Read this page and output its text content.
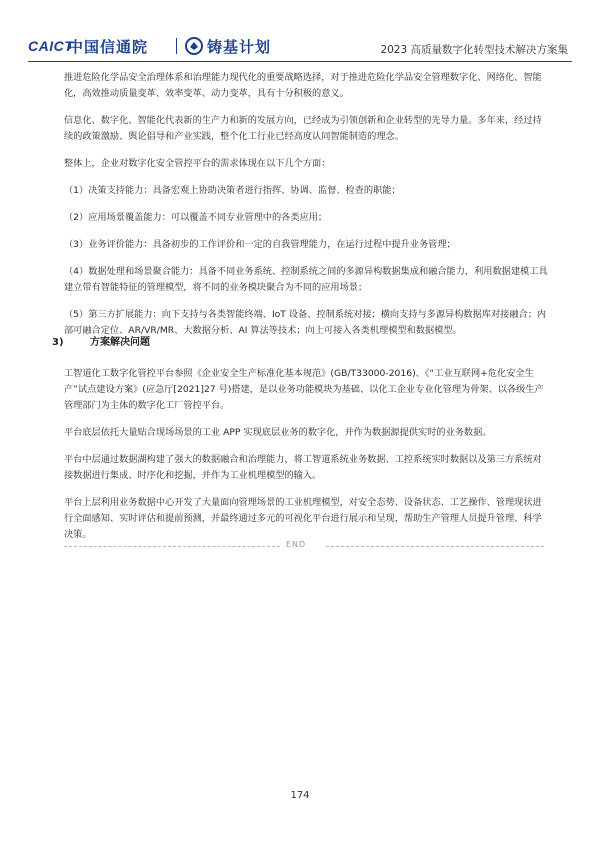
CAICT
中国信通院	铸基计划	2023 高质量数字化转型技术解决方案集

推进危险化学品安全治理体系和治理能力现代化的重要战略选择，对于推进危险化学品安全管理数字化、网络化、智能化，高效推动质量变革、效率变革、动力变革，具有十分积极的意义。

信息化、数字化、智能化代表新的生产力和新的发展方向，已经成为引领创新和企业转型的先导力量。多年来，经过持续的政策激励、舆论倡导和产业实践，整个化工行业已经高度认同智能制造的理念。

整体上，企业对数字化安全管控平台的需求体现在以下几个方面：

（1）决策支持能力：具备宏观上协助决策者进行指挥、协调、监督、检查的职能；

（2）应用场景覆盖能力：可以覆盖不同专业管理中的各类应用；

（3）业务评价能力：具备初步的工作评价和一定的自我管理能力，在运行过程中提升业务管理；

（4）数据处理和场景聚合能力：具备不同业务系统、控制系统之间的多源异构数据集成和融合能力，利用数据建模工具建立带有智能特征的管理模型，将不同的业务模块聚合为不同的应用场景；

（5）第三方扩展能力：向下支持与各类智能终端、IoT 设备、控制系统对接；横向支持与多源异构数据库对接融合；内部可融合定位、AR/VR/MR、大数据分析、AI 算法等技术；向上可接入各类机理模型和数据模型。

3)	方案解决问题

工智道化工数字化管控平台参照《企业安全生产标准化基本规范》(GB/T33000-2016)、《“工业互联网+危化安全生产”试点建设方案》(应急厅[2021]27 号)搭建，是以业务功能模块为基础、以化工企业专业化管理为骨架、以各级生产管理部门为主体的数字化工厂管控平台。

平台底层依托大量贴合现场场景的工业 APP 实现底层业务的数字化，并作为数据源提供实时的业务数据。

平台中层通过数据湖构建了强大的数据融合和治理能力，将工智道系统业务数据、工控系统实时数据以及第三方系统对接数据进行集成、时序化和挖掘，并作为工业机理模型的输入。

平台上层利用业务数据中心开发了大量面向管理场景的工业机理模型，对安全态势、设备状态、工艺操作、管理现状进行全面感知、实时评估和提前预测，并最终通过多元的可视化平台进行展示和呈现，帮助生产管理人员提升管理、科学决策。

END
174
